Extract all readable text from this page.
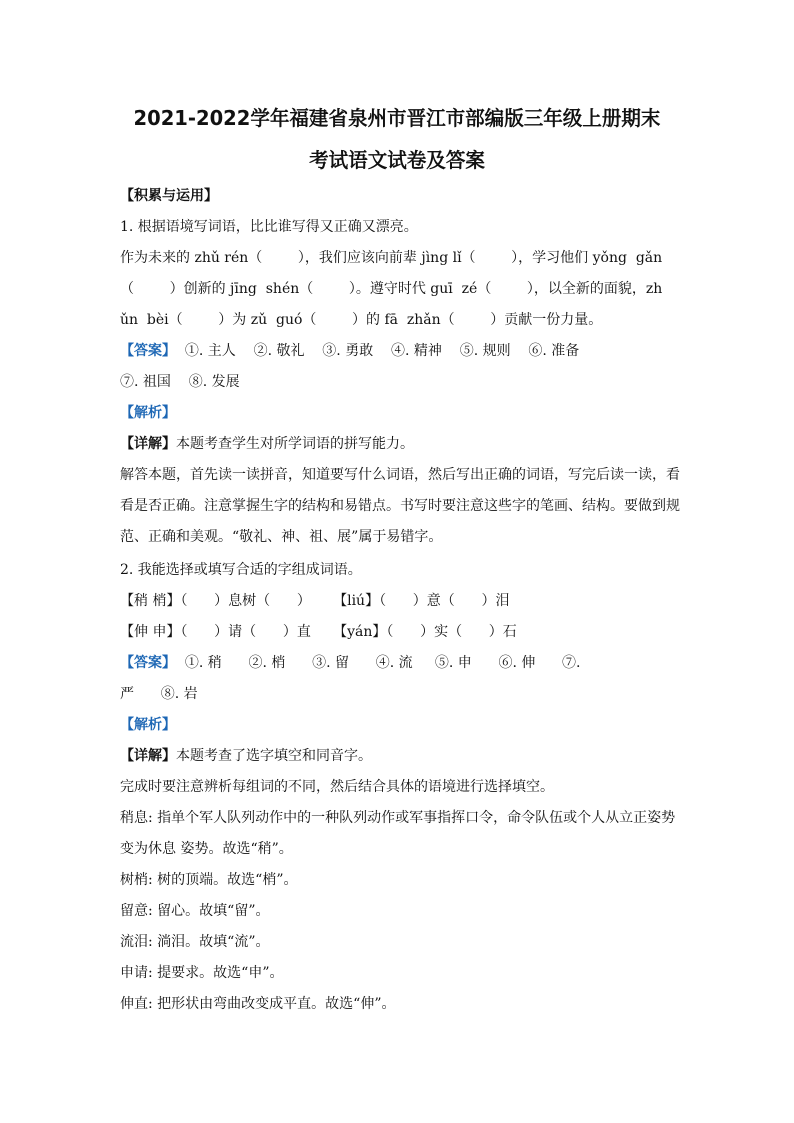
2021-2022学年福建省泉州市晋江市部编版三年级上册期末
考试语文试卷及答案

【积累与运用】

1. 根据语境写词语，比比谁写得又正确又漂亮。

作为未来的 zhǔ rén（        ），我们应该向前辈 jìng lǐ（        ），学习他们 yǒng  gǎn

（        ）创新的 jīng  shén（        ）。遵守时代 guī  zé（        ），以全新的面貌，zh

ǔn  bèi（        ）为 zǔ  guó（        ）的 fā  zhǎn（        ）贡献一份力量。

【答案】  ①. 主人    ②. 敬礼    ③. 勇敢    ④. 精神    ⑤. 规则    ⑥. 准备

⑦. 祖国    ⑧. 发展

【解析】

【详解】本题考查学生对所学词语的拼写能力。

解答本题，首先读一读拼音，知道要写什么词语，然后写出正确的词语，写完后读一读，看

看是否正确。注意掌握生字的结构和易错点。书写时要注意这些字的笔画、结构。要做到规

范、正确和美观。“敬礼、神、祖、展”属于易错字。

2. 我能选择或填写合适的字组成词语。

【稍 梢】（      ）息树（      ）     【liú】（      ）意（      ）泪

【伸 申】（      ）请（      ）直     【yán】（      ）实（      ）石

【答案】  ①. 稍      ②. 梢      ③. 留      ④. 流     ⑤. 申      ⑥. 伸      ⑦.

严      ⑧. 岩

【解析】

【详解】本题考查了选字填空和同音字。

完成时要注意辨析每组词的不同，然后结合具体的语境进行选择填空。

稍息: 指单个军人队列动作中的一种队列动作或军事指挥口令，命令队伍或个人从立正姿势

变为休息 姿势。故选“稍”。

树梢: 树的顶端。故选“梢”。

留意: 留心。故填“留”。

流泪: 淌泪。故填“流”。

申请: 提要求。故选“申”。

伸直: 把形状由弯曲改变成平直。故选“伸”。
